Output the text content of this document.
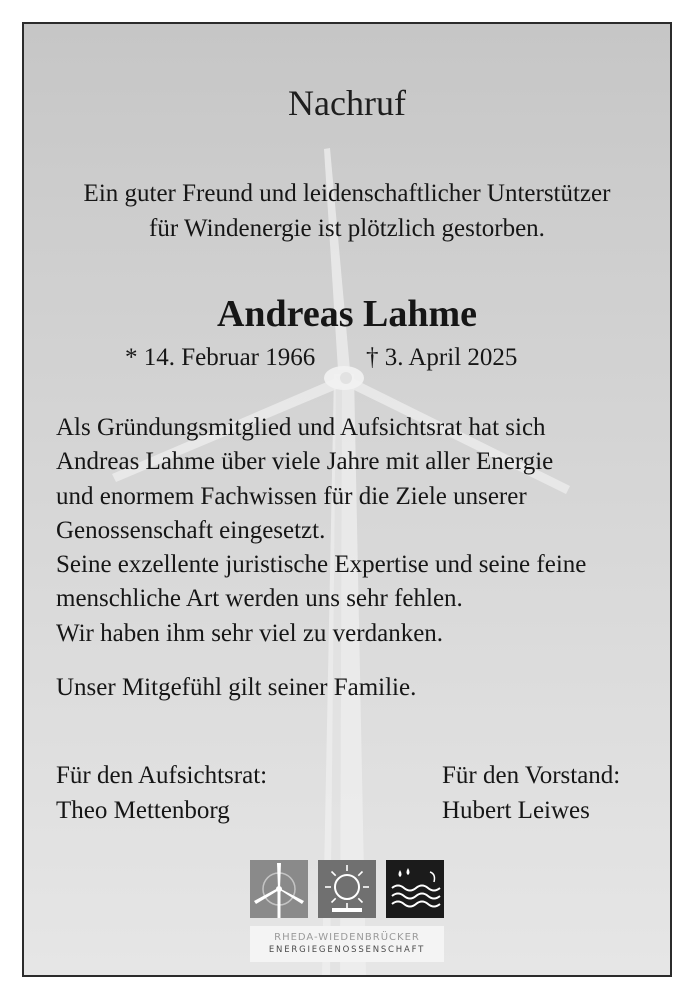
Nachruf
Ein guter Freund und leidenschaftlicher Unterstützer
für Windenergie ist plötzlich gestorben.
Andreas Lahme
* 14. Februar 1966 † 3. April 2025
Als Gründungsmitglied und Aufsichtsrat hat sich
Andreas Lahme über viele Jahre mit aller Energie
und enormem Fachwissen für die Ziele unserer
Genossenschaft eingesetzt.
Seine exzellente juristische Expertise und seine feine
menschliche Art werden uns sehr fehlen.
Wir haben ihm sehr viel zu verdanken.
Unser Mitgefühl gilt seiner Familie.
Für den Aufsichtsrat:
Theo Mettenborg
Für den Vorstand:
Hubert Leiwes
RHEDA-WIEDENBRÜCKER
ENERGIEGENOSSENSCHAFT
